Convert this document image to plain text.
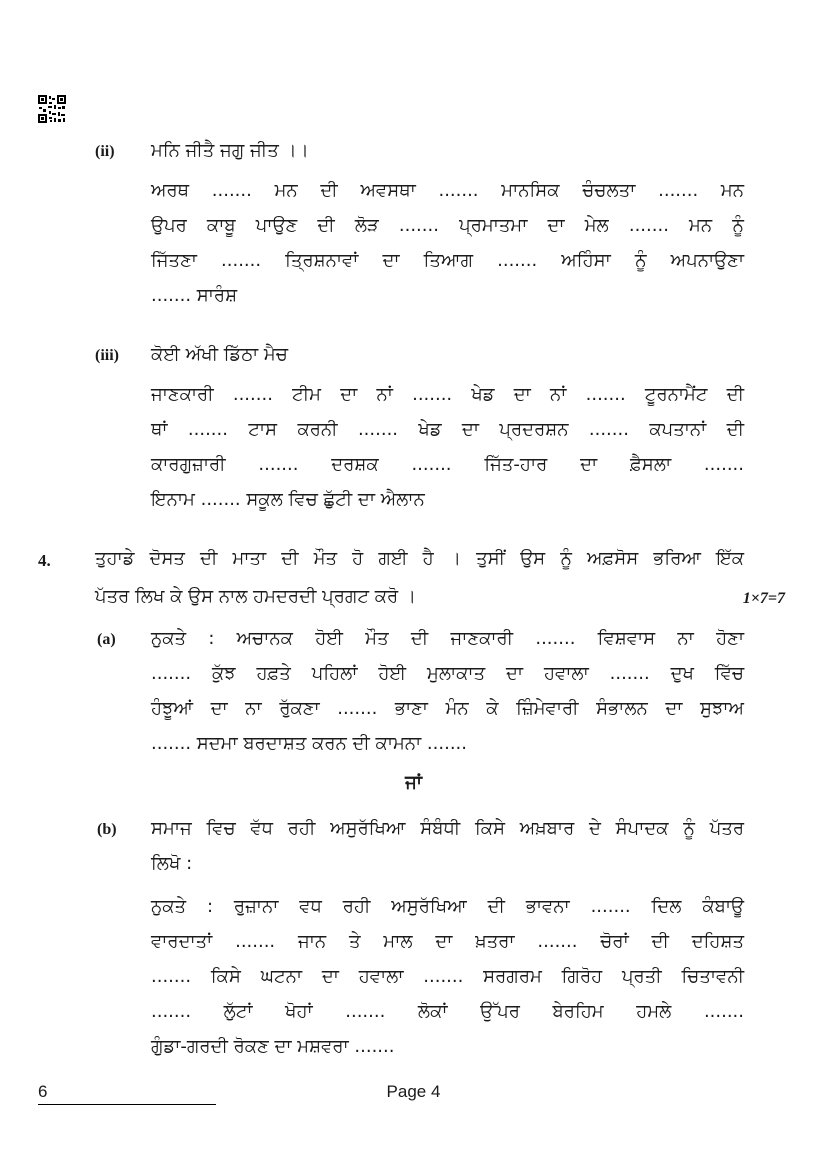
(ii) ਮਨਿ ਜੀਤੈ ਜਗੁ ਜੀਤ ।।
ਅਰਥ ....... ਮਨ ਦੀ ਅਵਸਥਾ ....... ਮਾਨਸਿਕ ਚੰਚਲਤਾ ....... ਮਨ
ਉਪਰ ਕਾਬੂ ਪਾਉਣ ਦੀ ਲੋੜ ....... ਪ੍ਰਮਾਤਮਾ ਦਾ ਮੇਲ ....... ਮਨ ਨੂੰ
ਜਿੱਤਣਾ ....... ਤ੍ਰਿਸ਼ਨਾਵਾਂ ਦਾ ਤਿਆਗ ....... ਅਹਿੰਸਾ ਨੂੰ ਅਪਨਾਉਣਾ
....... ਸਾਰੰਸ਼
(iii) ਕੋਈ ਅੱਖੀ ਡਿੱਠਾ ਮੈਚ
ਜਾਣਕਾਰੀ ....... ਟੀਮ ਦਾ ਨਾਂ ....... ਖੇਡ ਦਾ ਨਾਂ ....... ਟੂਰਨਾਮੈਂਟ ਦੀ
ਥਾਂ ....... ਟਾਸ ਕਰਨੀ ....... ਖੇਡ ਦਾ ਪ੍ਰਦਰਸ਼ਨ ....... ਕਪਤਾਨਾਂ ਦੀ
ਕਾਰਗੁਜ਼ਾਰੀ ....... ਦਰਸ਼ਕ ....... ਜਿੱਤ-ਹਾਰ ਦਾ ਫ਼ੈਸਲਾ .......
ਇਨਾਮ ....... ਸਕੂਲ ਵਿਚ ਛੁੱਟੀ ਦਾ ਐਲਾਨ
4. ਤੁਹਾਡੇ ਦੋਸਤ ਦੀ ਮਾਤਾ ਦੀ ਮੌਤ ਹੋ ਗਈ ਹੈ । ਤੁਸੀਂ ਉਸ ਨੂੰ ਅਫ਼ਸੋਸ ਭਰਿਆ ਇੱਕ
ਪੱਤਰ ਲਿਖ ਕੇ ਉਸ ਨਾਲ ਹਮਦਰਦੀ ਪ੍ਰਗਟ ਕਰੋ ।	1×7=7
(a) ਨੁਕਤੇ : ਅਚਾਨਕ ਹੋਈ ਮੌਤ ਦੀ ਜਾਣਕਾਰੀ ....... ਵਿਸ਼ਵਾਸ ਨਾ ਹੋਣਾ
....... ਕੁੱਝ ਹਫ਼ਤੇ ਪਹਿਲਾਂ ਹੋਈ ਮੁਲਾਕਾਤ ਦਾ ਹਵਾਲਾ ....... ਦੁਖ ਵਿੱਚ
ਹੰਝੂਆਂ ਦਾ ਨਾ ਰੁੱਕਣਾ ....... ਭਾਣਾ ਮੰਨ ਕੇ ਜ਼ਿੰਮੇਵਾਰੀ ਸੰਭਾਲਨ ਦਾ ਸੁਝਾਅ
....... ਸਦਮਾ ਬਰਦਾਸ਼ਤ ਕਰਨ ਦੀ ਕਾਮਨਾ .......
ਜਾਂ
(b) ਸਮਾਜ ਵਿਚ ਵੱਧ ਰਹੀ ਅਸੁਰੱਖਿਆ ਸੰਬੰਧੀ ਕਿਸੇ ਅਖ਼ਬਾਰ ਦੇ ਸੰਪਾਦਕ ਨੂੰ ਪੱਤਰ
ਲਿਖੋ :
ਨੁਕਤੇ : ਰੁਜ਼ਾਨਾ ਵਧ ਰਹੀ ਅਸੁਰੱਖਿਆ ਦੀ ਭਾਵਨਾ ....... ਦਿਲ ਕੰਬਾਊ
ਵਾਰਦਾਤਾਂ ....... ਜਾਨ ਤੇ ਮਾਲ ਦਾ ਖ਼ਤਰਾ ....... ਚੋਰਾਂ ਦੀ ਦਹਿਸ਼ਤ
....... ਕਿਸੇ ਘਟਨਾ ਦਾ ਹਵਾਲਾ ....... ਸਰਗਰਮ ਗਿਰੋਹ ਪ੍ਰਤੀ ਚਿਤਾਵਨੀ
....... ਲੁੱਟਾਂ ਖੋਹਾਂ ....... ਲੋਕਾਂ ਉੱਪਰ ਬੇਰਹਿਮ ਹਮਲੇ .......
ਗੁੰਡਾ-ਗਰਦੀ ਰੋਕਣ ਦਾ ਮਸ਼ਵਰਾ .......
6	Page 4
